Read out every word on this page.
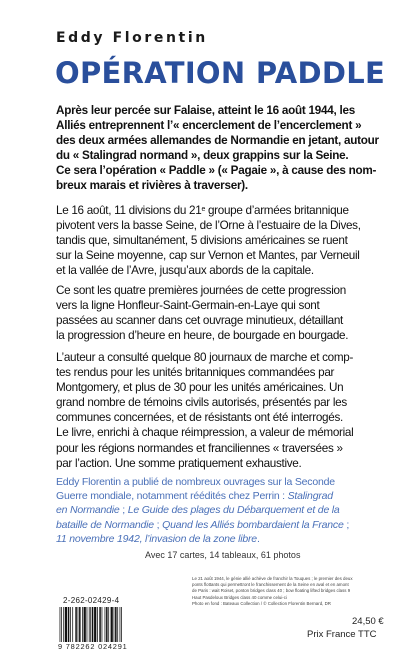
Eddy Florentin
OPÉRATION PADDLE
Après leur percée sur Falaise, atteint le 16 août 1944, les
Alliés entreprennent l’« encerclement de l’encerclement »
des deux armées allemandes de Normandie en jetant, autour
du « Stalingrad normand », deux grappins sur la Seine.
Ce sera l’opération « Paddle » (« Pagaie », à cause des nom-
breux marais et rivières à traverser).
Le 16 août, 11 divisions du 21e groupe d’armées britannique
pivotent vers la basse Seine, de l’Orne à l’estuaire de la Dives,
tandis que, simultanément, 5 divisions américaines se ruent
sur la Seine moyenne, cap sur Vernon et Mantes, par Verneuil
et la vallée de l’Avre, jusqu’aux abords de la capitale.
Ce sont les quatre premières journées de cette progression
vers la ligne Honfleur-Saint-Germain-en-Laye qui sont
passées au scanner dans cet ouvrage minutieux, détaillant
la progression d’heure en heure, de bourgade en bourgade.
L’auteur a consulté quelque 80 journaux de marche et comp-
tes rendus pour les unités britanniques commandées par
Montgomery, et plus de 30 pour les unités américaines. Un
grand nombre de témoins civils autorisés, présentés par les
communes concernées, et de résistants ont été interrogés.
Le livre, enrichi à chaque réimpression, a valeur de mémorial
pour les régions normandes et franciliennes « traversées »
par l’action. Une somme pratiquement exhaustive.
Eddy Florentin a publié de nombreux ouvrages sur la Seconde
Guerre mondiale, notamment réédités chez Perrin : Stalingrad
en Normandie ; Le Guide des plages du Débarquement et de la
bataille de Normandie ; Quand les Alliés bombardaient la France ;
11 novembre 1942, l’invasion de la zone libre.
Avec 17 cartes, 14 tableaux, 61 photos
Le 21 août 1944, le génie allié achève de franchir la Touques ; le premier des deux
ponts flottants qui permettront le franchissement de la Seine en aval et en amont
de Paris : wait Roiset, ponton bridges class 40 ; bow floating lifted bridges class 9
Haut Pasdeloux Bridges class 40 comme celui-ci
Photo en fond : Bateaux Collection / © Collection Florentin Bernard, DR
2-262-02429-4
9 782262 024291
24,50 €
Prix France TTC
